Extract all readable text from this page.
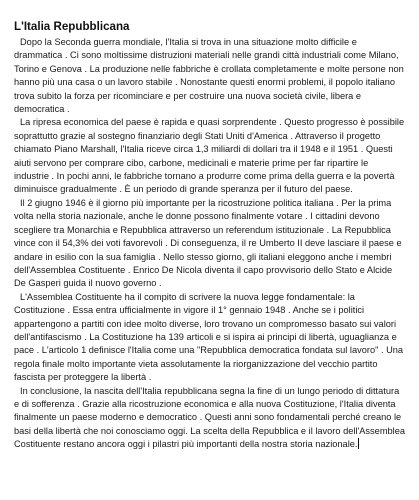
L'Italia Repubblicana

Dopo la Seconda guerra mondiale, l'Italia si trova in una situazione molto difficile e drammatica . Ci sono moltissime distruzioni materiali nelle grandi città industriali come Milano, Torino e Genova . La produzione nelle fabbriche è crollata completamente e molte persone non hanno più una casa o un lavoro stabile . Nonostante questi enormi problemi, il popolo italiano trova subito la forza per ricominciare e per costruire una nuova società civile, libera e democratica .

La ripresa economica del paese è rapida e quasi sorprendente . Questo progresso è possibile soprattutto grazie al sostegno finanziario degli Stati Uniti d'America . Attraverso il progetto chiamato Piano Marshall, l'Italia riceve circa 1,3 miliardi di dollari tra il 1948 e il 1951 . Questi aiuti servono per comprare cibo, carbone, medicinali e materie prime per far ripartire le industrie . In pochi anni, le fabbriche tornano a produrre come prima della guerra e la povertà diminuisce gradualmente . È un periodo di grande speranza per il futuro del paese.

Il 2 giugno 1946 è il giorno più importante per la ricostruzione politica italiana . Per la prima volta nella storia nazionale, anche le donne possono finalmente votare . I cittadini devono scegliere tra Monarchia e Repubblica attraverso un referendum istituzionale . La Repubblica vince con il 54,3% dei voti favorevoli . Di conseguenza, il re Umberto II deve lasciare il paese e andare in esilio con la sua famiglia . Nello stesso giorno, gli italiani eleggono anche i membri dell'Assemblea Costituente . Enrico De Nicola diventa il capo provvisorio dello Stato e Alcide De Gasperi guida il nuovo governo .

L'Assemblea Costituente ha il compito di scrivere la nuova legge fondamentale: la Costituzione . Essa entra ufficialmente in vigore il 1° gennaio 1948 . Anche se i politici appartengono a partiti con idee molto diverse, loro trovano un compromesso basato sui valori dell'antifascismo . La Costituzione ha 139 articoli e si ispira ai principi di libertà, uguaglianza e pace . L'articolo 1 definisce l'Italia come una "Repubblica democratica fondata sul lavoro" . Una regola finale molto importante vieta assolutamente la riorganizzazione del vecchio partito fascista per proteggere la libertà .

In conclusione, la nascita dell'Italia repubblicana segna la fine di un lungo periodo di dittatura e di sofferenza . Grazie alla ricostruzione economica e alla nuova Costituzione, l'Italia diventa finalmente un paese moderno e democratico . Questi anni sono fondamentali perché creano le basi della libertà che noi conosciamo oggi. La scelta della Repubblica e il lavoro dell'Assemblea Costituente restano ancora oggi i pilastri più importanti della nostra storia nazionale.
